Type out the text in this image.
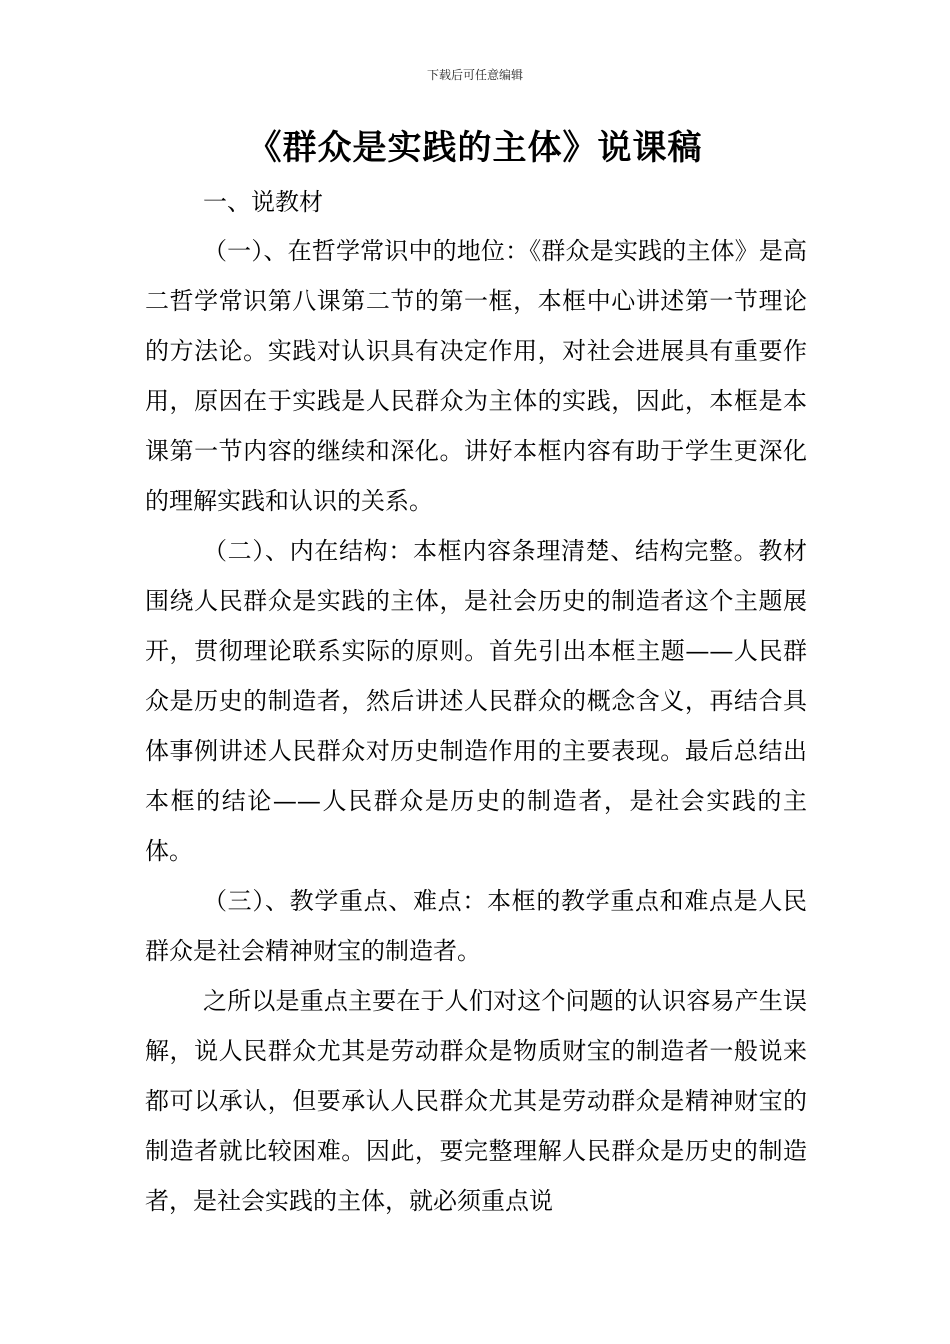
下载后可任意编辑
《群众是实践的主体》说课稿
一、说教材

（一）、在哲学常识中的地位：《群众是实践的主体》是高二哲学常识第八课第二节的第一框，本框中心讲述第一节理论的方法论。实践对认识具有决定作用，对社会进展具有重要作用，原因在于实践是人民群众为主体的实践，因此，本框是本课第一节内容的继续和深化。讲好本框内容有助于学生更深化的理解实践和认识的关系。

（二）、内在结构：本框内容条理清楚、结构完整。教材围绕人民群众是实践的主体，是社会历史的制造者这个主题展开，贯彻理论联系实际的原则。首先引出本框主题——人民群众是历史的制造者，然后讲述人民群众的概念含义，再结合具体事例讲述人民群众对历史制造作用的主要表现。最后总结出本框的结论——人民群众是历史的制造者，是社会实践的主体。

（三）、教学重点、难点：本框的教学重点和难点是人民群众是社会精神财宝的制造者。

之所以是重点主要在于人们对这个问题的认识容易产生误解，说人民群众尤其是劳动群众是物质财宝的制造者一般说来都可以承认，但要承认人民群众尤其是劳动群众是精神财宝的制造者就比较困难。因此，要完整理解人民群众是历史的制造者，是社会实践的主体，就必须重点说
